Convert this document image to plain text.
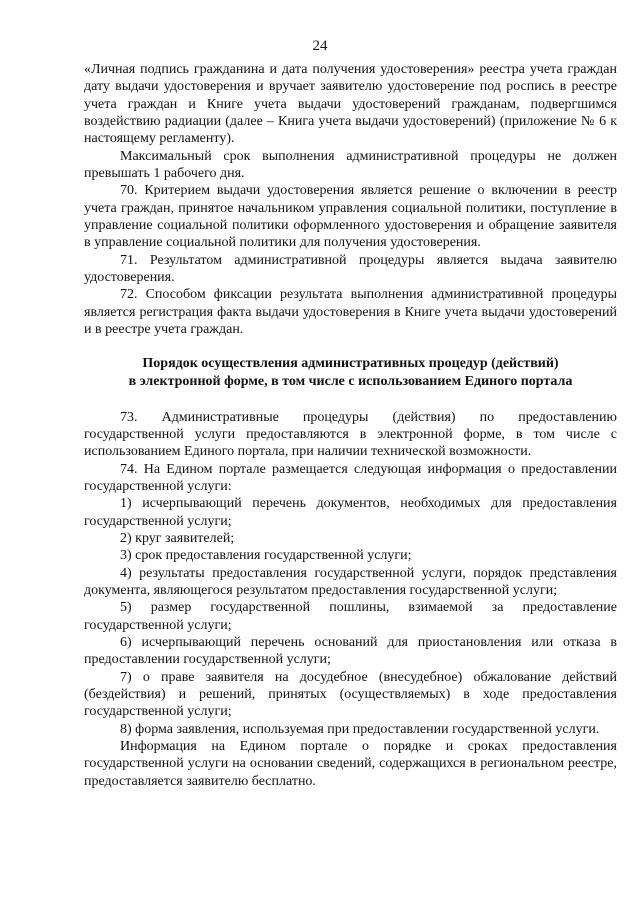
24

«Личная подпись гражданина и дата получения удостоверения» реестра учета граждан дату выдачи удостоверения и вручает заявителю удостоверение под роспись в реестре учета граждан и Книге учета выдачи удостоверений гражданам, подвергшимся воздействию радиации (далее – Книга учета выдачи удостоверений) (приложение № 6 к настоящему регламенту).

Максимальный срок выполнения административной процедуры не должен превышать 1 рабочего дня.

70. Критерием выдачи удостоверения является решение о включении в реестр учета граждан, принятое начальником управления социальной политики, поступление в управление социальной политики оформленного удостоверения и обращение заявителя в управление социальной политики для получения удостоверения.

71. Результатом административной процедуры является выдача заявителю удостоверения.

72. Способом фиксации результата выполнения административной процедуры является регистрация факта выдачи удостоверения в Книге учета выдачи удостоверений и в реестре учета граждан.

Порядок осуществления административных процедур (действий)

в электронной форме, в том числе с использованием Единого портала

73. Административные процедуры (действия) по предоставлению государственной услуги предоставляются в электронной форме, в том числе с использованием Единого портала, при наличии технической возможности.

74. На Едином портале размещается следующая информация о предоставлении государственной услуги:

1) исчерпывающий перечень документов, необходимых для предоставления государственной услуги;

2) круг заявителей;

3) срок предоставления государственной услуги;

4) результаты предоставления государственной услуги, порядок представления документа, являющегося результатом предоставления государственной услуги;

5) размер государственной пошлины, взимаемой за предоставление государственной услуги;

6) исчерпывающий перечень оснований для приостановления или отказа в предоставлении государственной услуги;

7) о праве заявителя на досудебное (внесудебное) обжалование действий (бездействия) и решений, принятых (осуществляемых) в ходе предоставления государственной услуги;

8) форма заявления, используемая при предоставлении государственной услуги.

Информация на Едином портале о порядке и сроках предоставления государственной услуги на основании сведений, содержащихся в региональном реестре, предоставляется заявителю бесплатно.
